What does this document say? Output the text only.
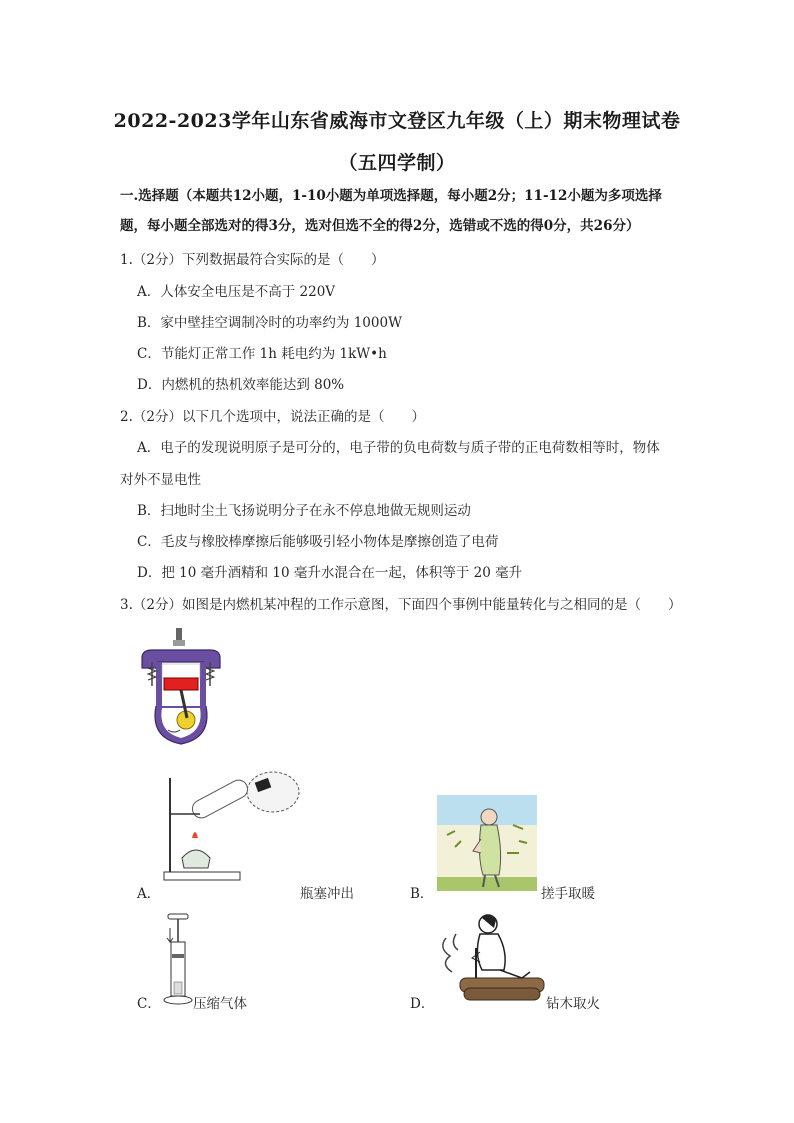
2022-2023学年山东省威海市文登区九年级（上）期末物理试卷
（五四学制）
一.选择题（本题共12小题，1-10小题为单项选择题，每小题2分；11-12小题为多项选择题，每小题全部选对的得3分，选对但选不全的得2分，选错或不选的得0分，共26分）
1.（2分）下列数据最符合实际的是（　　）
A．人体安全电压是不高于 220V
B．家中壁挂空调制冷时的功率约为 1000W
C．节能灯正常工作 1h 耗电约为 1kW•h
D．内燃机的热机效率能达到 80%
2.（2分）以下几个选项中，说法正确的是（　　）
A．电子的发现说明原子是可分的，电子带的负电荷数与质子带的正电荷数相等时，物体
对外不显电性
B．扫地时尘土飞扬说明分子在永不停息地做无规则运动
C．毛皮与橡胶棒摩擦后能够吸引轻小物体是摩擦创造了电荷
D．把 10 毫升酒精和 10 毫升水混合在一起，体积等于 20 毫升
3.（2分）如图是内燃机某冲程的工作示意图，下面四个事例中能量转化与之相同的是（　　）
A．	瓶塞冲出	B．	搓手取暖
C． 压缩气体	D．	钻木取火
